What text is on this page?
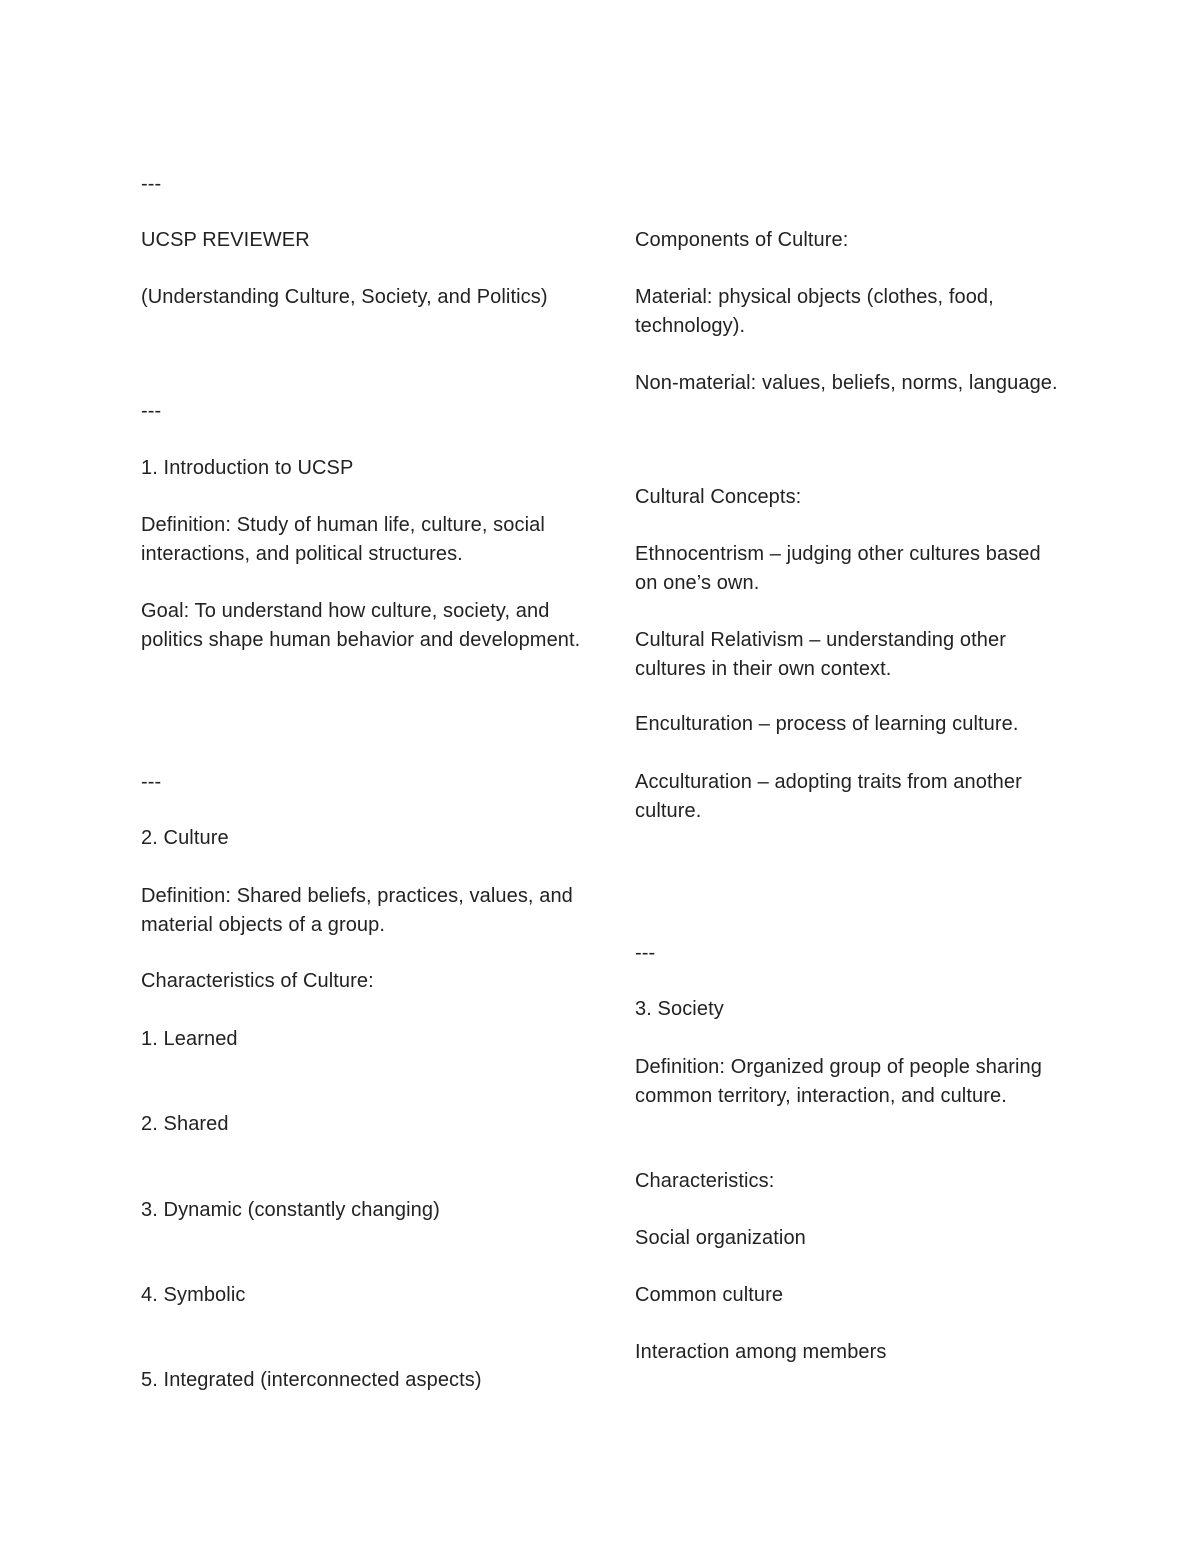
---

UCSP REVIEWER

(Understanding Culture, Society, and Politics)

---

1. Introduction to UCSP

Definition: Study of human life, culture, social interactions, and political structures.

Goal: To understand how culture, society, and politics shape human behavior and development.

---

2. Culture

Definition: Shared beliefs, practices, values, and material objects of a group.

Characteristics of Culture:

1. Learned

2. Shared

3. Dynamic (constantly changing)

4. Symbolic

5. Integrated (interconnected aspects)

Components of Culture:

Material: physical objects (clothes, food, technology).

Non-material: values, beliefs, norms, language.

Cultural Concepts:

Ethnocentrism – judging other cultures based on one’s own.

Cultural Relativism – understanding other cultures in their own context.

Enculturation – process of learning culture.

Acculturation – adopting traits from another culture.

---

3. Society

Definition: Organized group of people sharing common territory, interaction, and culture.

Characteristics:

Social organization

Common culture

Interaction among members
